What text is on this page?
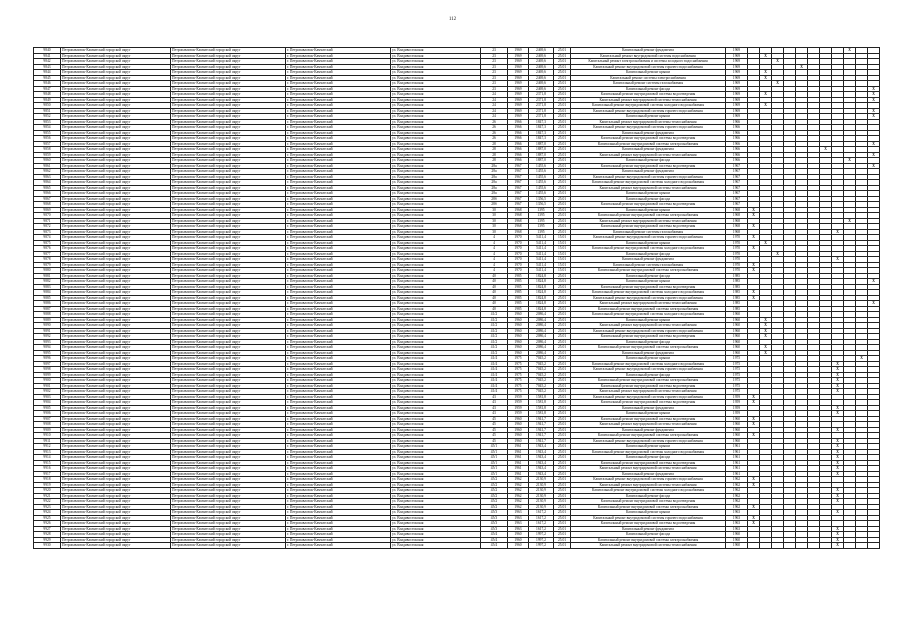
112
9840	Петропавловск-Камчатский городской округ	Петропавловск-Камчатский городской округ	г. Петропавловск-Камчатский	ул. Владивостокская	23	1969	2469,6	25.01	Капитальный ремонт фундамента	1969									X		
9841	Петропавловск-Камчатский городской округ	Петропавловск-Камчатский городской округ	г. Петропавловск-Камчатский	ул. Владивостокская	23	1969	2469,6	25.01	Капитальный ремонт внутридомовой системы водоснабжения	1969		X									
9842	Петропавловск-Камчатский городской округ	Петропавловск-Камчатский городской округ	г. Петропавловск-Камчатский	ул. Владивостокская	23	1969	2469,6	25.01	Капитальный ремонт электроснабжения и системы холодного водоснабжения	1969			X								
9843	Петропавловск-Камчатский городской округ	Петропавловск-Камчатский городской округ	г. Петропавловск-Камчатский	ул. Владивостокская	23	1969	2469,6	25.01	Капитальный ремонт внутридомовой системы горячего водоснабжения	1969					X						
9844	Петропавловск-Камчатский городской округ	Петропавловск-Камчатский городской округ	г. Петропавловск-Камчатский	ул. Владивостокская	23	1969	2469,6	25.01	Капитальный ремонт крыши	1969		X									
9845	Петропавловск-Камчатский городской округ	Петропавловск-Камчатский городской округ	г. Петропавловск-Камчатский	ул. Владивостокская	23	1969	2469,6	25.01	Капитальный ремонт системы электроснабжения	1969		X									
9846	Петропавловск-Камчатский городской округ	Петропавловск-Камчатский городской округ	г. Петропавловск-Камчатский	ул. Владивостокская	23	1969	2469,6	25.01	Капитальный ремонт системы газоснабжения	1969			X								
9847	Петропавловск-Камчатский городской округ	Петропавловск-Камчатский городской округ	г. Петропавловск-Камчатский	ул. Владивостокская	23	1969	2469,6	25.01	Капитальный ремонт фасада	1969											X
9848	Петропавловск-Камчатский городской округ	Петропавловск-Камчатский городской округ	г. Петропавловск-Камчатский	ул. Владивостокская	24	1969	2371,8	25.01	Капитальный ремонт внутридомовой системы водоотведения	1969		X									X
9849	Петропавловск-Камчатский городской округ	Петропавловск-Камчатский городской округ	г. Петропавловск-Камчатский	ул. Владивостокская	24	1969	2371,8	25.01	Капитальный ремонт внутридомовой системы теплоснабжения	1969											X
9850	Петропавловск-Камчатский городской округ	Петропавловск-Камчатский городской округ	г. Петропавловск-Камчатский	ул. Владивостокская	24	1969	2371,8	25.01	Капитальный ремонт внутридомовой системы холодного водоснабжения	1969		X									
9851	Петропавловск-Камчатский городской округ	Петропавловск-Камчатский городской округ	г. Петропавловск-Камчатский	ул. Владивостокская	24	1969	2371,8	25.01	Капитальный ремонт внутридомовой системы горячего водоснабжения	1969											X
9852	Петропавловск-Камчатский городской округ	Петропавловск-Камчатский городской округ	г. Петропавловск-Камчатский	ул. Владивостокская	24	1969	2371,8	25.01	Капитальный ремонт крыши	1969											X
9853	Петропавловск-Камчатский городской округ	Петропавловск-Камчатский городской округ	г. Петропавловск-Камчатский	ул. Владивостокская	26	1966	1847,3	25.01	Капитальный ремонт внутридомовой системы теплоснабжения	1966											
9854	Петропавловск-Камчатский городской округ	Петропавловск-Камчатский городской округ	г. Петропавловск-Камчатский	ул. Владивостокская	26	1966	1847,3	25.01	Капитальный ремонт внутридомовой системы горячего водоснабжения	1966											
9855	Петропавловск-Камчатский городской округ	Петропавловск-Камчатский городской округ	г. Петропавловск-Камчатский	ул. Владивостокская	26	1966	1847,3	25.01	Капитальный ремонт фундамента	1966											
9856	Петропавловск-Камчатский городской округ	Петропавловск-Камчатский городской округ	г. Петропавловск-Камчатский	ул. Владивостокская	26	1966	1847,3	25.01	Капитальный ремонт внутридомовой системы водоотведения	1966											
9857	Петропавловск-Камчатский городской округ	Петропавловск-Камчатский городской округ	г. Петропавловск-Камчатский	ул. Владивостокская	28	1966	1887,0	25.01	Капитальный ремонт внутридомовой системы электроснабжения	1966											X
9858	Петропавловск-Камчатский городской округ	Петропавловск-Камчатский городской округ	г. Петропавловск-Камчатский	ул. Владивостокская	28	1966	1887,0	25.01	Капитальный ремонт фундамента	1966							X				
9859	Петропавловск-Камчатский городской округ	Петропавловск-Камчатский городской округ	г. Петропавловск-Камчатский	ул. Владивостокская	28	1966	1887,0	25.01	Капитальный ремонт внутридомовой системы теплоснабжения	1966											X
9860	Петропавловск-Камчатский городской округ	Петропавловск-Камчатский городской округ	г. Петропавловск-Камчатский	ул. Владивостокская	28	1966	1887,0	25.01	Капитальный ремонт фасада	1966									X		
9861	Петропавловск-Камчатский городской округ	Петропавловск-Камчатский городской округ	г. Петропавловск-Камчатский	ул. Владивостокская	28а	1967	1455,6	25.01	Капитальный ремонт внутридомовой системы водоотведения	1967											X
9862	Петропавловск-Камчатский городской округ	Петропавловск-Камчатский городской округ	г. Петропавловск-Камчатский	ул. Владивостокская	28а	1967	1455,6	25.01	Капитальный ремонт фундамента	1967											
9863	Петропавловск-Камчатский городской округ	Петропавловск-Камчатский городской округ	г. Петропавловск-Камчатский	ул. Владивостокская	28а	1967	1455,6	25.01	Капитальный ремонт внутридомовой системы горячего водоснабжения	1967											
9864	Петропавловск-Камчатский городской округ	Петропавловск-Камчатский городской округ	г. Петропавловск-Камчатский	ул. Владивостокская	28а	1967	1455,6	25.01	Капитальный ремонт внутридомовой системы холодного водоснабжения	1967											
9865	Петропавловск-Камчатский городской округ	Петропавловск-Камчатский городской округ	г. Петропавловск-Камчатский	ул. Владивостокская	28а	1967	1455,6	25.01	Капитальный ремонт внутридомовой системы теплоснабжения	1967											
9866	Петропавловск-Камчатский городской округ	Петропавловск-Камчатский городской округ	г. Петропавловск-Камчатский	ул. Владивостокская	28а	1967	1455,6	25.01	Капитальный ремонт крыши	1967											
9867	Петропавловск-Камчатский городской округ	Петропавловск-Камчатский городской округ	г. Петропавловск-Камчатский	ул. Владивостокская	28б	1967	1356,5	25.01	Капитальный ремонт фасада	1967											
9868	Петропавловск-Камчатский городской округ	Петропавловск-Камчатский городской округ	г. Петропавловск-Камчатский	ул. Владивостокская	28б	1967	1356,5	25.01	Капитальный ремонт внутридомовой системы водоотведения	1967											
9869	Петропавловск-Камчатский городской округ	Петропавловск-Камчатский городской округ	г. Петропавловск-Камчатский	ул. Владивостокская	30	1968	1395	25.01	Капитальный ремонт крыши	1968	X										
9870	Петропавловск-Камчатский городской округ	Петропавловск-Камчатский городской округ	г. Петропавловск-Камчатский	ул. Владивостокская	30	1968	1395	25.01	Капитальный ремонт внутридомовой системы электроснабжения	1968	X										
9871	Петропавловск-Камчатский городской округ	Петропавловск-Камчатский городской округ	г. Петропавловск-Камчатский	ул. Владивостокская	30	1968	1395	25.01	Капитальный ремонт внутридомовой системы теплоснабжения	1968									X		
9872	Петропавловск-Камчатский городской округ	Петропавловск-Камчатский городской округ	г. Петропавловск-Камчатский	ул. Владивостокская	30	1968	1395	25.01	Капитальный ремонт внутридомовой системы водоотведения	1968	X										
9873	Петропавловск-Камчатский городской округ	Петропавловск-Камчатский городской округ	г. Петропавловск-Камчатский	ул. Владивостокская	30	1968	1395	25.01	Капитальный ремонт системы газоснабжения	1968								X			
9874	Петропавловск-Камчатский городской округ	Петропавловск-Камчатский городской округ	г. Петропавловск-Камчатский	ул. Владивостокская	4	1970	5411,4	15.01	Капитальный ремонт внутридомовой системы горячего водоснабжения	1970	X										
9875	Петропавловск-Камчатский городской округ	Петропавловск-Камчатский городской округ	г. Петропавловск-Камчатский	ул. Владивостокская	4	1970	5411,4	15.01	Капитальный ремонт крыши	1970		X									
9876	Петропавловск-Камчатский городской округ	Петропавловск-Камчатский городской округ	г. Петропавловск-Камчатский	ул. Владивостокская	4	1970	5411,4	15.01	Капитальный ремонт внутридомовой системы холодного водоснабжения	1970	X										
9877	Петропавловск-Камчатский городской округ	Петропавловск-Камчатский городской округ	г. Петропавловск-Камчатский	ул. Владивостокская	4	1970	5411,4	15.01	Капитальный ремонт фасада	1970			X								
9878	Петропавловск-Камчатский городской округ	Петропавловск-Камчатский городской округ	г. Петропавловск-Камчатский	ул. Владивостокская	4	1970	5411,4	15.01	Капитальный ремонт фундамента	1970								X			
9879	Петропавловск-Камчатский городской округ	Петропавловск-Камчатский городской округ	г. Петропавловск-Камчатский	ул. Владивостокская	4	1970	5411,4	15.01	Капитальный ремонт системы газоснабжения	1970	X										
9880	Петропавловск-Камчатский городской округ	Петропавловск-Камчатский городской округ	г. Петропавловск-Камчатский	ул. Владивостокская	4	1970	5411,4	15.01	Капитальный ремонт внутридомовой системы электроснабжения	1970	X										
9881	Петропавловск-Камчатский городской округ	Петропавловск-Камчатский городской округ	г. Петропавловск-Камчатский	ул. Владивостокская	40	1985	1824,8	25.01	Капитальный ремонт фасада	1985											
9882	Петропавловск-Камчатский городской округ	Петропавловск-Камчатский городской округ	г. Петропавловск-Камчатский	ул. Владивостокская	40	1985	1824,8	25.01	Капитальный ремонт крыши	1985											X
9883	Петропавловск-Камчатский городской округ	Петропавловск-Камчатский городской округ	г. Петропавловск-Камчатский	ул. Владивостокская	40	1985	1824,8	25.01	Капитальный ремонт внутридомовой системы водоотведения	1985											
9884	Петропавловск-Камчатский городской округ	Петропавловск-Камчатский городской округ	г. Петропавловск-Камчатский	ул. Владивостокская	40	1985	1824,8	25.01	Капитальный ремонт внутридомовой системы холодного водоснабжения	1985	X										
9885	Петропавловск-Камчатский городской округ	Петропавловск-Камчатский городской округ	г. Петропавловск-Камчатский	ул. Владивостокская	40	1985	1824,8	25.01	Капитальный ремонт внутридомовой системы горячего водоснабжения	1985	X										
9886	Петропавловск-Камчатский городской округ	Петропавловск-Камчатский городской округ	г. Петропавловск-Камчатский	ул. Владивостокская	40	1985	1824,8	25.01	Капитальный ремонт внутридомовой системы теплоснабжения	1985											X
9887	Петропавловск-Камчатский городской округ	Петропавловск-Камчатский городской округ	г. Петропавловск-Камчатский	ул. Владивостокская	40	1985	1824,8	25.01	Капитальный ремонт внутридомовой системы электроснабжения	1985											
9888	Петропавловск-Камчатский городской округ	Петропавловск-Камчатский городской округ	г. Петропавловск-Камчатский	ул. Владивостокская	41/2	1960	2086,4	25.01	Капитальный ремонт внутридомовой системы холодного водоснабжения	1960											
9889	Петропавловск-Камчатский городской округ	Петропавловск-Камчатский городской округ	г. Петропавловск-Камчатский	ул. Владивостокская	41/2	1960	2086,4	25.01	Капитальный ремонт крыши	1960		X									
9890	Петропавловск-Камчатский городской округ	Петропавловск-Камчатский городской округ	г. Петропавловск-Камчатский	ул. Владивостокская	41/2	1960	2086,4	25.01	Капитальный ремонт внутридомовой системы теплоснабжения	1960		X									
9891	Петропавловск-Камчатский городской округ	Петропавловск-Камчатский городской округ	г. Петропавловск-Камчатский	ул. Владивостокская	41/2	1960	2086,4	25.01	Капитальный ремонт внутридомовой системы горячего водоснабжения	1960		X									
9892	Петропавловск-Камчатский городской округ	Петропавловск-Камчатский городской округ	г. Петропавловск-Камчатский	ул. Владивостокская	41/2	1960	2086,4	25.01	Капитальный ремонт внутридомовой системы водоотведения	1960		X									
9893	Петропавловск-Камчатский городской округ	Петропавловск-Камчатский городской округ	г. Петропавловск-Камчатский	ул. Владивостокская	41/2	1960	2086,4	25.01	Капитальный ремонт фасада	1960											
9894	Петропавловск-Камчатский городской округ	Петропавловск-Камчатский городской округ	г. Петропавловск-Камчатский	ул. Владивостокская	41/2	1960	2086,4	25.01	Капитальный ремонт внутридомовой системы электроснабжения	1960		X									
9895	Петропавловск-Камчатский городской округ	Петропавловск-Камчатский городской округ	г. Петропавловск-Камчатский	ул. Владивостокская	41/2	1960	2086,4	25.01	Капитальный ремонт фундамента	1960		X									
9896	Петропавловск-Камчатский городской округ	Петропавловск-Камчатский городской округ	г. Петропавловск-Камчатский	ул. Владивостокская	41/4	1975	7045,2	25.01	Капитальный ремонт крыши	1975										X	
9897	Петропавловск-Камчатский городской округ	Петропавловск-Камчатский городской округ	г. Петропавловск-Камчатский	ул. Владивостокская	41/4	1975	7045,2	25.01	Капитальный ремонт внутридомовой системы холодного водоснабжения	1975								X			
9898	Петропавловск-Камчатский городской округ	Петропавловск-Камчатский городской округ	г. Петропавловск-Камчатский	ул. Владивостокская	41/4	1975	7045,2	25.01	Капитальный ремонт внутридомовой системы горячего водоснабжения	1975								X			
9899	Петропавловск-Камчатский городской округ	Петропавловск-Камчатский городской округ	г. Петропавловск-Камчатский	ул. Владивостокская	41/4	1975	7045,2	25.01	Капитальный ремонт фасада	1975								X			
9900	Петропавловск-Камчатский городской округ	Петропавловск-Камчатский городской округ	г. Петропавловск-Камчатский	ул. Владивостокская	41/4	1975	7045,2	25.01	Капитальный ремонт внутридомовой системы электроснабжения	1975								X			
9901	Петропавловск-Камчатский городской округ	Петропавловск-Камчатский городской округ	г. Петропавловск-Камчатский	ул. Владивостокская	41/4	1975	7045,2	25.01	Капитальный ремонт внутридомовой системы водоотведения	1975								X			
9902	Петропавловск-Камчатский городской округ	Петропавловск-Камчатский городской округ	г. Петропавловск-Камчатский	ул. Владивостокская	41/4	1975	7045,2	25.01	Капитальный ремонт внутридомовой системы теплоснабжения	1975								X			
9903	Петропавловск-Камчатский городской округ	Петропавловск-Камчатский городской округ	г. Петропавловск-Камчатский	ул. Владивостокская	43	1959	1581,8	25.01	Капитальный ремонт внутридомовой системы горячего водоснабжения	1959	X										
9904	Петропавловск-Камчатский городской округ	Петропавловск-Камчатский городской округ	г. Петропавловск-Камчатский	ул. Владивостокская	43	1959	1581,8	25.01	Капитальный ремонт внутридомовой системы водоотведения	1959	X										
9905	Петропавловск-Камчатский городской округ	Петропавловск-Камчатский городской округ	г. Петропавловск-Камчатский	ул. Владивостокская	43	1959	1581,8	25.01	Капитальный ремонт фундамента	1959								X			
9906	Петропавловск-Камчатский городской округ	Петропавловск-Камчатский городской округ	г. Петропавловск-Камчатский	ул. Владивостокская	43	1959	1581,8	25.01	Капитальный ремонт крыши	1959								X			
9907	Петропавловск-Камчатский городской округ	Петропавловск-Камчатский городской округ	г. Петропавловск-Камчатский	ул. Владивостокская	45	1960	1941,7	25.01	Капитальный ремонт внутридомовой системы водоотведения	1960	X										
9908	Петропавловск-Камчатский городской округ	Петропавловск-Камчатский городской округ	г. Петропавловск-Камчатский	ул. Владивостокская	45	1960	1941,7	25.01	Капитальный ремонт внутридомовой системы теплоснабжения	1960	X										
9909	Петропавловск-Камчатский городской округ	Петропавловск-Камчатский городской округ	г. Петропавловск-Камчатский	ул. Владивостокская	45	1960	1941,7	25.01	Капитальный ремонт фундамента	1960								X			
9910	Петропавловск-Камчатский городской округ	Петропавловск-Камчатский городской округ	г. Петропавловск-Камчатский	ул. Владивостокская	45	1960	1941,7	25.01	Капитальный ремонт внутридомовой системы электроснабжения	1960	X										
9911	Петропавловск-Камчатский городской округ	Петропавловск-Камчатский городской округ	г. Петропавловск-Камчатский	ул. Владивостокская	45	1960	1941,7	25.01	Капитальный ремонт внутридомовой системы горячего водоснабжения	1960								X			
9912	Петропавловск-Камчатский городской округ	Петропавловск-Камчатский городской округ	г. Петропавловск-Камчатский	ул. Владивостокская	45/1	1961	1943,4	25.01	Капитальный ремонт крыши	1961								X			
9913	Петропавловск-Камчатский городской округ	Петропавловск-Камчатский городской округ	г. Петропавловск-Камчатский	ул. Владивостокская	45/1	1961	1943,4	25.01	Капитальный ремонт внутридомовой системы холодного водоснабжения	1961								X			
9914	Петропавловск-Камчатский городской округ	Петропавловск-Камчатский городской округ	г. Петропавловск-Камчатский	ул. Владивостокская	45/1	1961	1943,4	25.01	Капитальный ремонт фасада	1961								X			
9915	Петропавловск-Камчатский городской округ	Петропавловск-Камчатский городской округ	г. Петропавловск-Камчатский	ул. Владивостокская	45/1	1961	1943,4	25.01	Капитальный ремонт внутридомовой системы водоотведения	1961								X			
9916	Петропавловск-Камчатский городской округ	Петропавловск-Камчатский городской округ	г. Петропавловск-Камчатский	ул. Владивостокская	45/1	1961	1943,4	25.01	Капитальный ремонт внутридомовой системы теплоснабжения	1961								X			
9917	Петропавловск-Камчатский городской округ	Петропавловск-Камчатский городской округ	г. Петропавловск-Камчатский	ул. Владивостокская	45/1	1961	1943,4	25.01	Капитальный ремонт фундамента	1961								X			
9918	Петропавловск-Камчатский городской округ	Петропавловск-Камчатский городской округ	г. Петропавловск-Камчатский	ул. Владивостокская	45/2	1962	2130,9	25.01	Капитальный ремонт внутридомовой системы горячего водоснабжения	1962	X										
9919	Петропавловск-Камчатский городской округ	Петропавловск-Камчатский городской округ	г. Петропавловск-Камчатский	ул. Владивостокская	45/2	1962	2130,9	25.01	Капитальный ремонт внутридомовой системы теплоснабжения	1962	X										
9920	Петропавловск-Камчатский городской округ	Петропавловск-Камчатский городской округ	г. Петропавловск-Камчатский	ул. Владивостокская	45/2	1962	2130,9	25.01	Капитальный ремонт внутридомовой системы холодного водоснабжения	1962								X			
9921	Петропавловск-Камчатский городской округ	Петропавловск-Камчатский городской округ	г. Петропавловск-Камчатский	ул. Владивостокская	45/2	1962	2130,9	25.01	Капитальный ремонт фасада	1962								X			
9922	Петропавловск-Камчатский городской округ	Петропавловск-Камчатский городской округ	г. Петропавловск-Камчатский	ул. Владивостокская	45/2	1962	2130,9	25.01	Капитальный ремонт внутридомовой системы водоотведения	1962								X			
9923	Петропавловск-Камчатский городской округ	Петропавловск-Камчатский городской округ	г. Петропавловск-Камчатский	ул. Владивостокская	45/2	1962	2130,9	25.01	Капитальный ремонт внутридомовой системы электроснабжения	1962	X										
9924	Петропавловск-Камчатский городской округ	Петропавловск-Камчатский городской округ	г. Петропавловск-Камчатский	ул. Владивостокская	45/3	1963	1617,2	25.01	Капитальный ремонт крыши	1963								X			
9925	Петропавловск-Камчатский городской округ	Петропавловск-Камчатский городской округ	г. Петропавловск-Камчатский	ул. Владивостокская	45/3	1963	1617,2	25.01	Капитальный ремонт внутридомовой системы горячего водоснабжения	1963	X										
9926	Петропавловск-Камчатский городской округ	Петропавловск-Камчатский городской округ	г. Петропавловск-Камчатский	ул. Владивостокская	45/3	1963	1617,2	25.01	Капитальный ремонт внутридомовой системы водоотведения	1963	X										
9927	Петропавловск-Камчатский городской округ	Петропавловск-Камчатский городской округ	г. Петропавловск-Камчатский	ул. Владивостокская	45/3	1963	1617,2	25.01	Капитальный ремонт фундамента	1963								X			
9928	Петропавловск-Камчатский городской округ	Петропавловск-Камчатский городской округ	г. Петропавловск-Камчатский	ул. Владивостокская	45/4	1960	1997,2	25.01	Капитальный ремонт фасада	1960								X			
9929	Петропавловск-Камчатский городской округ	Петропавловск-Камчатский городской округ	г. Петропавловск-Камчатский	ул. Владивостокская	45/4	1960	1997,2	25.01	Капитальный ремонт внутридомовой системы электроснабжения	1960								X			
9930	Петропавловск-Камчатский городской округ	Петропавловск-Камчатский городской округ	г. Петропавловск-Камчатский	ул. Владивостокская	45/4	1960	1997,2	25.01	Капитальный ремонт внутридомовой системы теплоснабжения	1960								X			
